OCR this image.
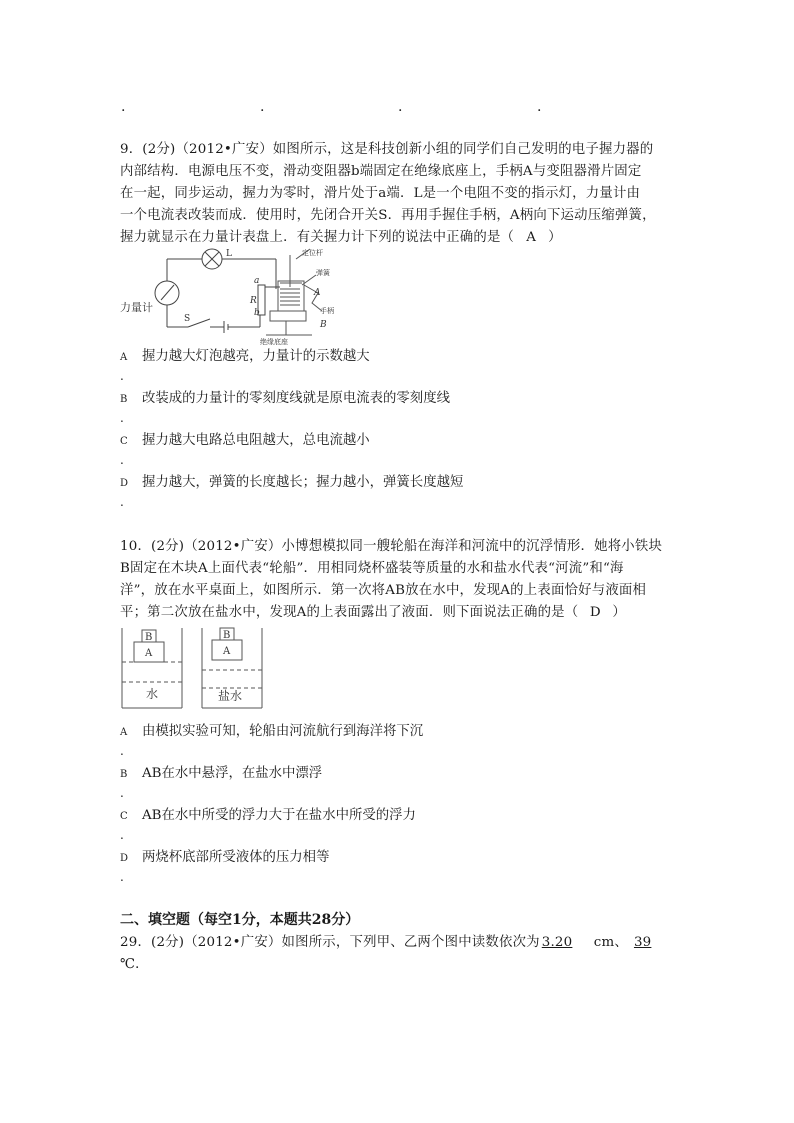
.	.	.	.
9．(2分)（2012•广安）如图所示，这是科技创新小组的同学们自己发明的电子握力器的
内部结构．电源电压不变，滑动变阻器b端固定在绝缘底座上，手柄A与变阻器滑片固定
在一起，同步运动，握力为零时，滑片处于a端．L是一个电阻不变的指示灯，力量计由
一个电流表改装而成．使用时，先闭合开关S．再用手握住手柄，A柄向下运动压缩弹簧，
握力就显示在力量计表盘上．有关握力计下列的说法中正确的是（ A ）
L
力量计
S
a
R
b
A
B
定位杆
弹簧
手柄
绝缘底座
A 握力越大灯泡越亮，力量计的示数越大
.
B 改装成的力量计的零刻度线就是原电流表的零刻度线
.
C 握力越大电路总电阻越大，总电流越小
.
D 握力越大，弹簧的长度越长；握力越小，弹簧长度越短
.
10．(2分)（2012•广安）小博想模拟同一艘轮船在海洋和河流中的沉浮情形．她将小铁块
B固定在木块A上面代表“轮船”．用相同烧杯盛装等质量的水和盐水代表“河流”和“海
洋”，放在水平桌面上，如图所示．第一次将AB放在水中，发现A的上表面恰好与液面相
平；第二次放在盐水中，发现A的上表面露出了液面．则下面说法正确的是（ D ）
B
A
水
B
A
盐水
A 由模拟实验可知，轮船由河流航行到海洋将下沉
.
B AB在水中悬浮，在盐水中漂浮
.
C AB在水中所受的浮力大于在盐水中所受的浮力
.
D 两烧杯底部所受液体的压力相等
.
二、填空题（每空1分，本题共28分）
29．(2分)（2012•广安）如图所示，下列甲、乙两个图中读数依次为 3.20 cm、 39
℃．
